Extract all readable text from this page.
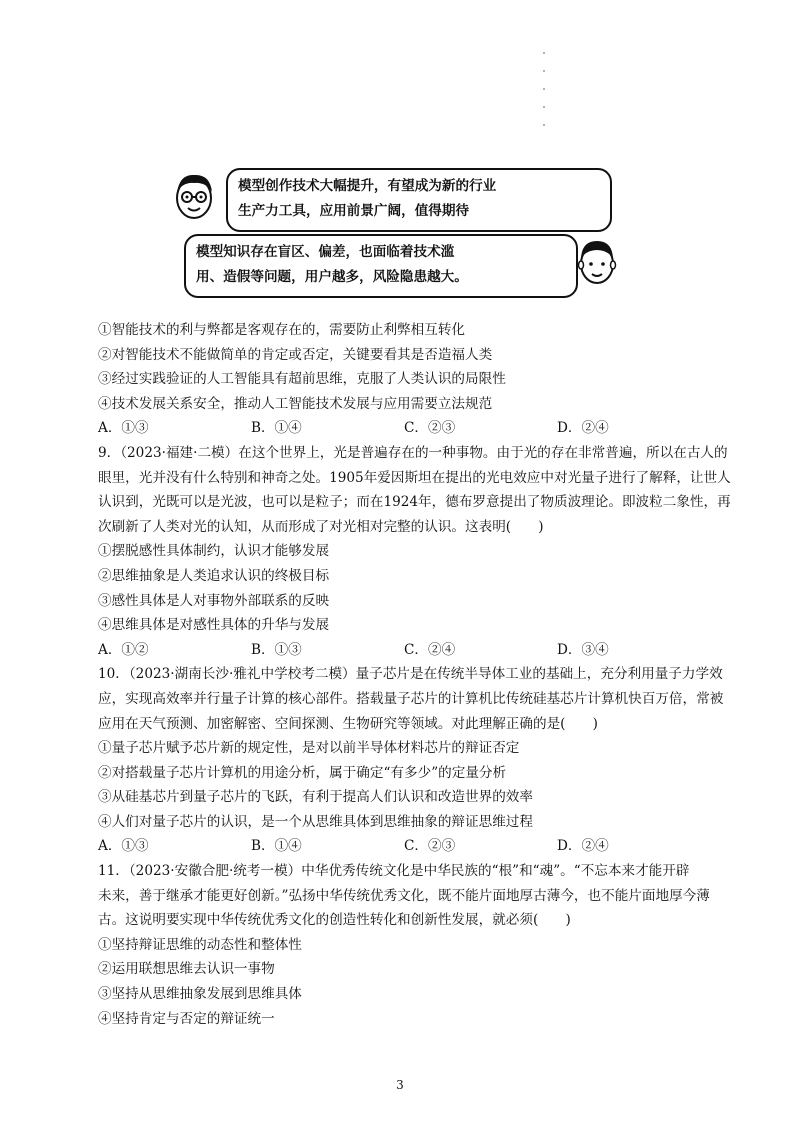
模型创作技术大幅提升，有望成为新的行业
生产力工具，应用前景广阔，值得期待
模型知识存在盲区、偏差，也面临着技术滥
用、造假等问题，用户越多，风险隐患越大。
①智能技术的利与弊都是客观存在的，需要防止利弊相互转化
②对智能技术不能做简单的肯定或否定，关键要看其是否造福人类
③经过实践验证的人工智能具有超前思维，克服了人类认识的局限性
④技术发展关系安全，推动人工智能技术发展与应用需要立法规范
A．①③	B．①④	C．②③	D．②④
9．（2023·福建·二模）在这个世界上，光是普遍存在的一种事物。由于光的存在非常普遍，所以在古人的
眼里，光并没有什么特别和神奇之处。1905年爱因斯坦在提出的光电效应中对光量子进行了解释，让世人
认识到，光既可以是光波，也可以是粒子；而在1924年，德布罗意提出了物质波理论。即波粒二象性，再
次刷新了人类对光的认知，从而形成了对光相对完整的认识。这表明(　　)
①摆脱感性具体制约，认识才能够发展
②思维抽象是人类追求认识的终极目标
③感性具体是人对事物外部联系的反映
④思维具体是对感性具体的升华与发展
A．①②	B．①③	C．②④	D．③④
10．（2023·湖南长沙·雅礼中学校考二模）量子芯片是在传统半导体工业的基础上，充分利用量子力学效
应，实现高效率并行量子计算的核心部件。搭载量子芯片的计算机比传统硅基芯片计算机快百万倍，常被
应用在天气预测、加密解密、空间探测、生物研究等领域。对此理解正确的是(　　)
①量子芯片赋予芯片新的规定性，是对以前半导体材料芯片的辩证否定
②对搭载量子芯片计算机的用途分析，属于确定“有多少”的定量分析
③从硅基芯片到量子芯片的飞跃，有利于提高人们认识和改造世界的效率
④人们对量子芯片的认识，是一个从思维具体到思维抽象的辩证思维过程
A．①③	B．①④	C．②③	D．②④
11．（2023·安徽合肥·统考一模）中华优秀传统文化是中华民族的“根”和“魂”。“不忘本来才能开辟
未来，善于继承才能更好创新。”弘扬中华传统优秀文化，既不能片面地厚古薄今，也不能片面地厚今薄
古。这说明要实现中华传统优秀文化的创造性转化和创新性发展，就必须(　　)
①坚持辩证思维的动态性和整体性
②运用联想思维去认识一事物
③坚持从思维抽象发展到思维具体
④坚持肯定与否定的辩证统一
3
